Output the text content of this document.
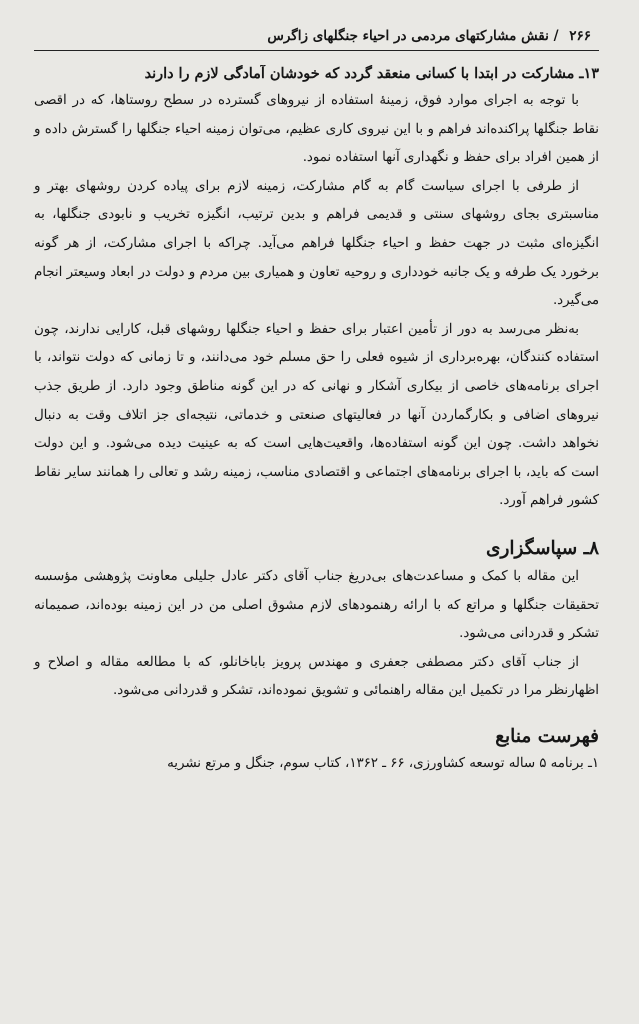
۲۶۶ / نقش مشارکتهای مردمی در احیاء جنگلهای زاگرس
۱۳ـ مشارکت در ابتدا با کسانی منعقد گردد که خودشان آمادگی لازم را دارند

با توجه به اجرای موارد فوق، زمینهٔ استفاده از نیروهای گسترده در سطح روستاها، که در اقصی نقاط جنگلها پراکنده‌اند فراهم و با این نیروی کاری عظیم، می‌توان زمینه احیاء جنگلها را گسترش داده و از همین افراد برای حفظ و نگهداری آنها استفاده نمود.

از طرفی با اجرای سیاست گام به گام مشارکت، زمینه لازم برای پیاده کردن روشهای بهتر و مناسبتری بجای روشهای سنتی و قدیمی فراهم و بدین ترتیب، انگیزه تخریب و نابودی جنگلها، به انگیزه‌ای مثبت در جهت حفظ و احیاء جنگلها فراهم می‌آید. چراکه با اجرای مشارکت، از هر گونه برخورد یک طرفه و یک جانبه خودداری و روحیه تعاون و همیاری بین مردم و دولت در ابعاد وسیعتر انجام می‌گیرد.

به‌نظر می‌رسد به دور از تأمین اعتبار برای حفظ و احیاء جنگلها روشهای قبل، کارایی ندارند، چون استفاده کنندگان، بهره‌برداری از شیوه فعلی را حق مسلم خود می‌دانند، و تا زمانی که دولت نتواند، با اجرای برنامه‌های خاصی از بیکاری آشکار و نهانی که در این گونه مناطق وجود دارد. از طریق جذب نیروهای اضافی و بکارگماردن آنها در فعالیتهای صنعتی و خدماتی، نتیجه‌ای جز اتلاف وقت به دنبال نخواهد داشت. چون این گونه استفاده‌ها، واقعیت‌هایی است که به عینیت دیده می‌شود. و این دولت است که باید، با اجرای برنامه‌های اجتماعی و اقتصادی مناسب، زمینه رشد و تعالی را همانند سایر نقاط کشور فراهم آورد.

۸ـ سپاسگزاری

این مقاله با کمک و مساعدت‌های بی‌دریغ جناب آقای دکتر عادل جلیلی معاونت پژوهشی مؤسسه تحقیقات جنگلها و مراتع که با ارائه رهنمودهای لازم مشوق اصلی من در این زمینه بوده‌اند، صمیمانه تشکر و قدردانی می‌شود.

از جناب آقای دکتر مصطفی جعفری و مهندس پرویز باباخانلو، که با مطالعه مقاله و اصلاح و اظهارنظر مرا در تکمیل این مقاله راهنمائی و تشویق نموده‌اند، تشکر و قدردانی می‌شود.

فهرست منابع

۱ـ برنامه ۵ ساله توسعه کشاورزی، ۶۶ ـ ۱۳۶۲، کتاب سوم، جنگل و مرتع نشریه
